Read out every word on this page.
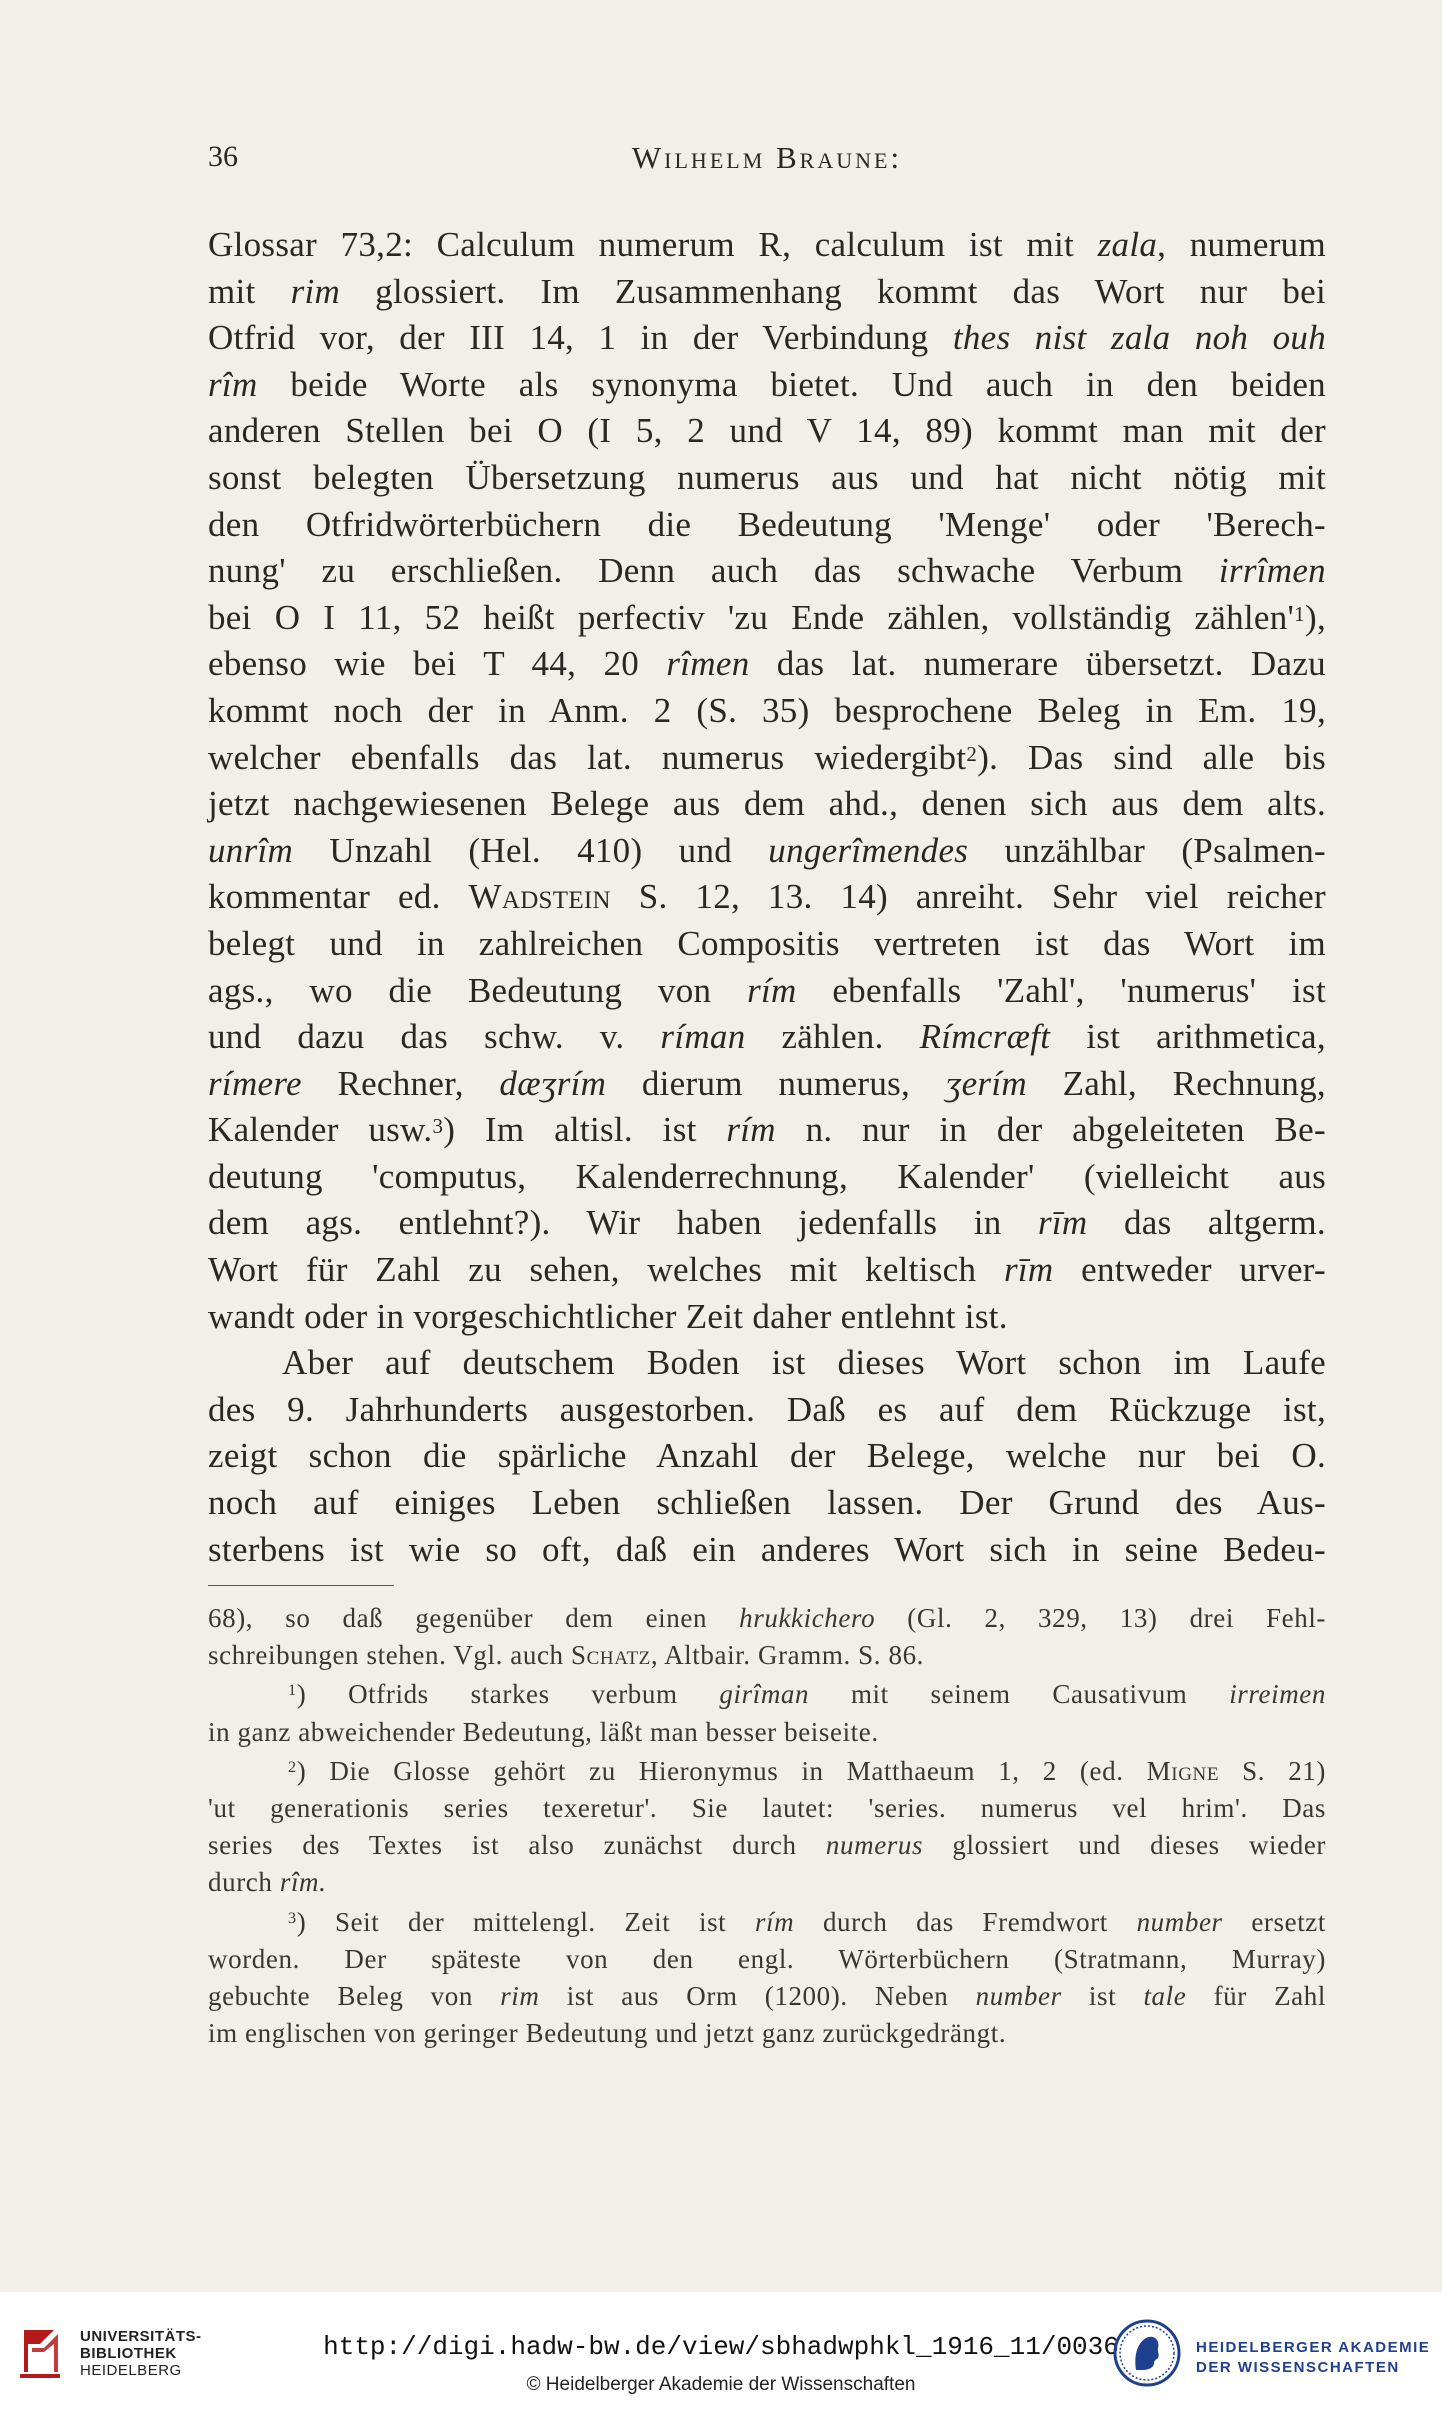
36	Wilhelm Braune:
Glossar 73,2: Calculum numerum R, calculum ist mit zala, numerum
mit rim glossiert. Im Zusammenhang kommt das Wort nur bei
Otfrid vor, der III 14, 1 in der Verbindung thes nist zala noh ouh
rîm beide Worte als synonyma bietet. Und auch in den beiden
anderen Stellen bei O (I 5, 2 und V 14, 89) kommt man mit der
sonst belegten Übersetzung numerus aus und hat nicht nötig mit
den Otfridwörterbüchern die Bedeutung 'Menge' oder 'Berech-
nung' zu erschließen. Denn auch das schwache Verbum irrîmen
bei O I 11, 52 heißt perfectiv 'zu Ende zählen, vollständig $zählen'^1$),
ebenso wie bei T 44, 20 rîmen das lat. numerare übersetzt. Dazu
kommt noch der in Anm. 2 (S. 35) besprochene Beleg in Em. 19,
welcher ebenfalls das lat. numerus wiedergibt$^2$). Das sind alle bis
jetzt nachgewiesenen Belege aus dem ahd., denen sich aus dem alts.
unrîm Unzahl (Hel. 410) und ungerîmendes unzählbar (Psalmen-
kommentar ed. Wadstein S. 12, 13. 14) anreiht. Sehr viel reicher
belegt und in zahlreichen Compositis vertreten ist das Wort im
ags., wo die Bedeutung von rím ebenfalls 'Zahl', 'numerus' ist
und dazu das schw. v. ríman zählen. Rímcræft ist arithmetica,
rímere Rechner, dæʒrím dierum numerus, ʒerím Zahl, Rechnung,
Kalender usw.$^3$) Im altisl. ist rím n. nur in der abgeleiteten Be-
deutung 'computus, Kalenderrechnung, Kalender' (vielleicht aus
dem ags. entlehnt?). Wir haben jedenfalls in rīm das altgerm.
Wort für Zahl zu sehen, welches mit keltisch rīm entweder urver-
wandt oder in vorgeschichtlicher Zeit daher entlehnt ist.
Aber auf deutschem Boden ist dieses Wort schon im Laufe
des 9. Jahrhunderts ausgestorben. Daß es auf dem Rückzuge ist,
zeigt schon die spärliche Anzahl der Belege, welche nur bei O.
noch auf einiges Leben schließen lassen. Der Grund des Aus-
sterbens ist wie so oft, daß ein anderes Wort sich in seine Bedeu-
68), so daß gegenüber dem einen hrukkichero (Gl. 2, 329, 13) drei Fehl-
schreibungen stehen. Vgl. auch Schatz, Altbair. Gramm. S. 86.
$^1$) Otfrids starkes verbum girîman mit seinem Causativum irreimen
in ganz abweichender Bedeutung, läßt man besser beiseite.
$^2$) Die Glosse gehört zu Hieronymus in Matthaeum 1, 2 (ed. Migne S. 21)
'ut generationis series texeretur'. Sie lautet: 'series. numerus vel hrim'. Das
series des Textes ist also zunächst durch numerus glossiert und dieses wieder
durch rîm.
$^3$) Seit der mittelengl. Zeit ist rím durch das Fremdwort number ersetzt
worden. Der späteste von den engl. Wörterbüchern (Stratmann, Murray)
gebuchte Beleg von rim ist aus Orm (1200). Neben number ist tale für Zahl
im englischen von geringer Bedeutung und jetzt ganz zurückgedrängt.
UNIVERSITÄTS-
BIBLIOTHEK
HEIDELBERG
http://digi.hadw-bw.de/view/sbhadwphkl_1916_11/0036
© Heidelberger Akademie der Wissenschaften
HEIDELBERGER AKADEMIE
DER WISSENSCHAFTEN
